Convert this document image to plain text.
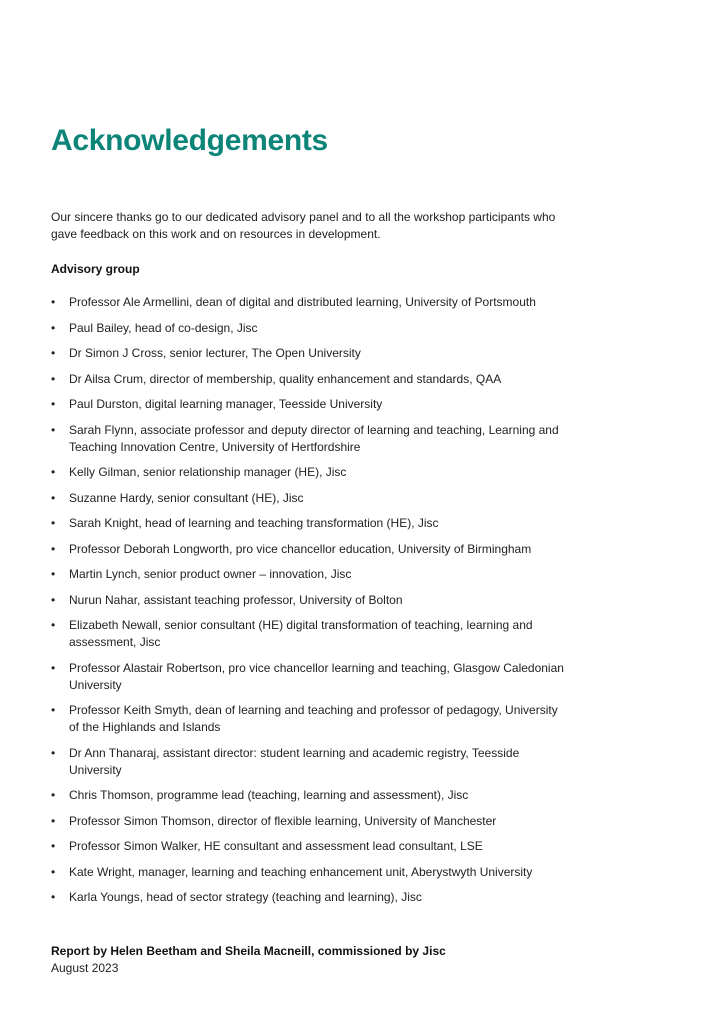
Acknowledgements

Our sincere thanks go to our dedicated advisory panel and to all the workshop participants who gave feedback on this work and on resources in development.

Advisory group
• Professor Ale Armellini, dean of digital and distributed learning, University of Portsmouth
• Paul Bailey, head of co-design, Jisc
• Dr Simon J Cross, senior lecturer, The Open University
• Dr Ailsa Crum, director of membership, quality enhancement and standards, QAA
• Paul Durston, digital learning manager, Teesside University
• Sarah Flynn, associate professor and deputy director of learning and teaching, Learning and Teaching Innovation Centre, University of Hertfordshire
• Kelly Gilman, senior relationship manager (HE), Jisc
• Suzanne Hardy, senior consultant (HE), Jisc
• Sarah Knight, head of learning and teaching transformation (HE), Jisc
• Professor Deborah Longworth, pro vice chancellor education, University of Birmingham
• Martin Lynch, senior product owner – innovation, Jisc
• Nurun Nahar, assistant teaching professor, University of Bolton
• Elizabeth Newall, senior consultant (HE) digital transformation of teaching, learning and assessment, Jisc
• Professor Alastair Robertson, pro vice chancellor learning and teaching, Glasgow Caledonian University
• Professor Keith Smyth, dean of learning and teaching and professor of pedagogy, University of the Highlands and Islands
• Dr Ann Thanaraj, assistant director: student learning and academic registry, Teesside University
• Chris Thomson, programme lead (teaching, learning and assessment), Jisc
• Professor Simon Thomson, director of flexible learning, University of Manchester
• Professor Simon Walker, HE consultant and assessment lead consultant, LSE
• Kate Wright, manager, learning and teaching enhancement unit, Aberystwyth University
• Karla Youngs, head of sector strategy (teaching and learning), Jisc

Report by Helen Beetham and Sheila Macneill, commissioned by Jisc

August 2023
